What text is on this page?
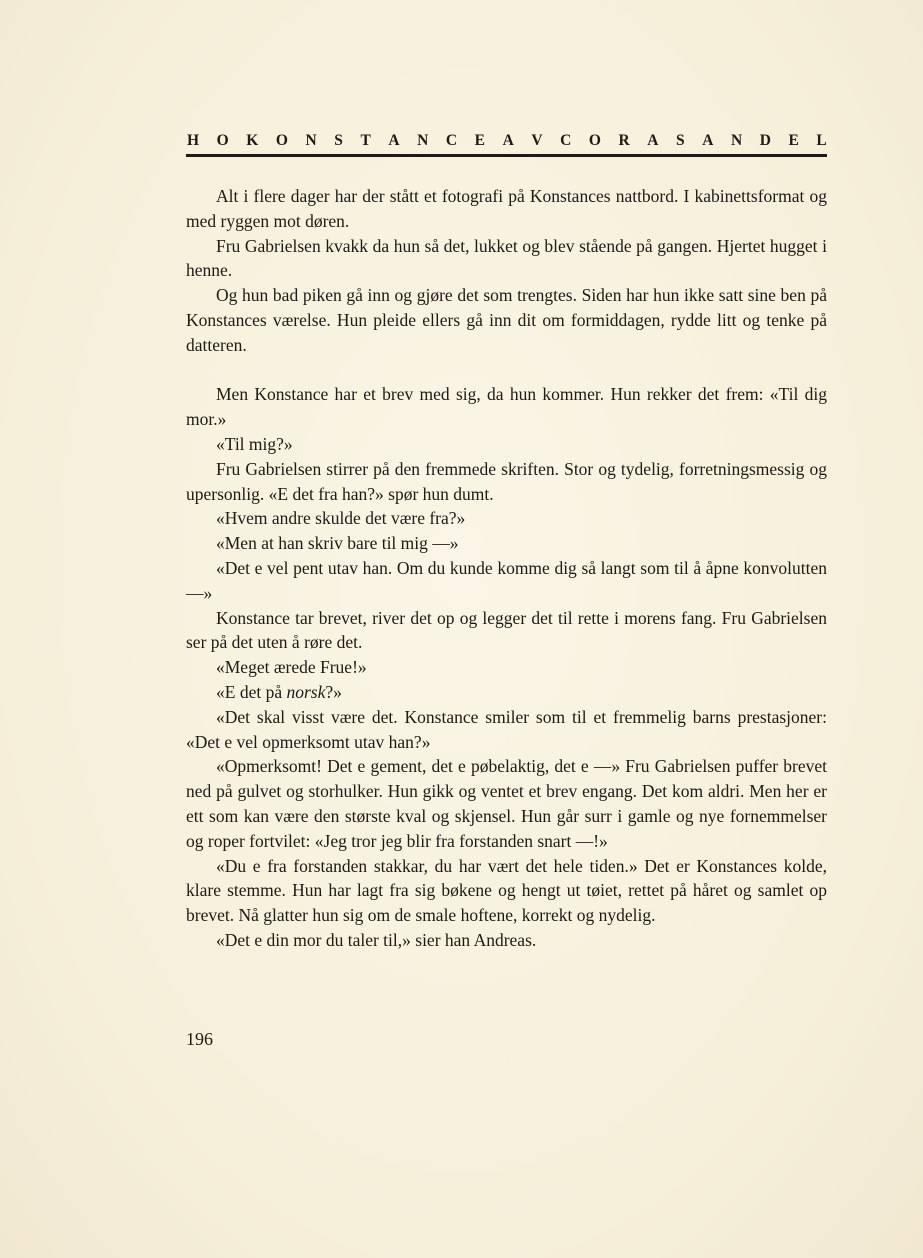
H O K O N S T A N C E A V C O R A S A N D E L

Alt i flere dager har der stått et fotografi på Konstances nattbord. I kabinettsformat og med ryggen mot døren.

Fru Gabrielsen kvakk da hun så det, lukket og blev stående på gangen. Hjertet hugget i henne.

Og hun bad piken gå inn og gjøre det som trengtes. Siden har hun ikke satt sine ben på Konstances værelse. Hun pleide ellers gå inn dit om formiddagen, rydde litt og tenke på datteren.

Men Konstance har et brev med sig, da hun kommer. Hun rekker det frem: «Til dig mor.»

«Til mig?»

Fru Gabrielsen stirrer på den fremmede skriften. Stor og tydelig, forretningsmessig og upersonlig. «E det fra han?» spør hun dumt.

«Hvem andre skulde det være fra?»

«Men at han skriv bare til mig —»

«Det e vel pent utav han. Om du kunde komme dig så langt som til å åpne konvolutten —»

Konstance tar brevet, river det op og legger det til rette i morens fang. Fru Gabrielsen ser på det uten å røre det.

«Meget ærede Frue!»

«E det på norsk?»

«Det skal visst være det. Konstance smiler som til et fremmelig barns prestasjoner: «Det e vel opmerksomt utav han?»

«Opmerksomt! Det e gement, det e pøbelaktig, det e —» Fru Gabrielsen puffer brevet ned på gulvet og storhulker. Hun gikk og ventet et brev engang. Det kom aldri. Men her er ett som kan være den største kval og skjensel. Hun går surr i gamle og nye fornemmelser og roper fortvilet: «Jeg tror jeg blir fra forstanden snart —!»

«Du e fra forstanden stakkar, du har vært det hele tiden.» Det er Konstances kolde, klare stemme. Hun har lagt fra sig bøkene og hengt ut tøiet, rettet på håret og samlet op brevet. Nå glatter hun sig om de smale hoftene, korrekt og nydelig.

«Det e din mor du taler til,» sier han Andreas.

196
